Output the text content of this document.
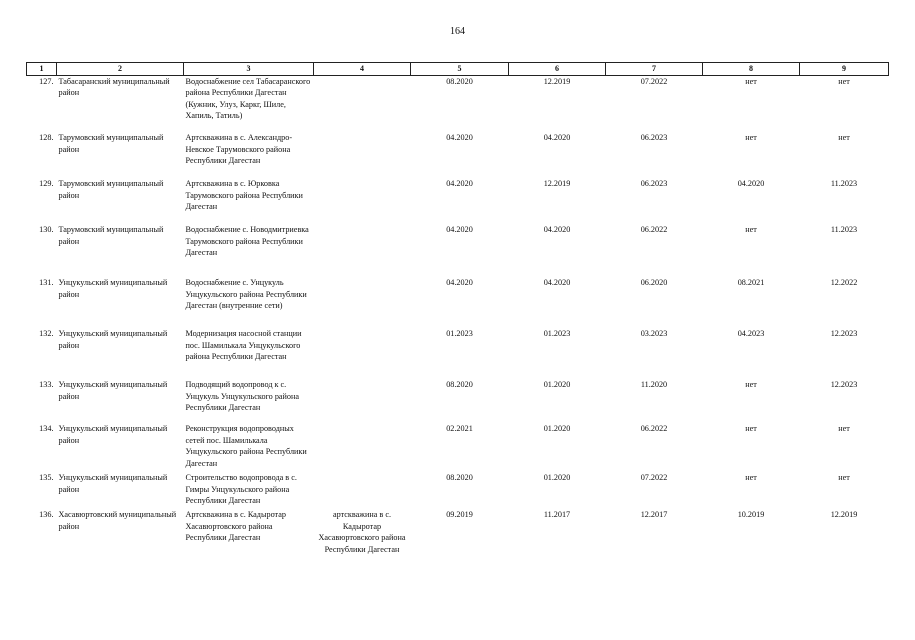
164
1	2	3	4	5	6	7	8	9
127.	Табасаранский муниципальный район	Водоснабжение сел Табасаранского района Республики Дагестан (Кужник, Улуз, Каркг, Шиле, Хапиль, Татиль)		08.2020	12.2019	07.2022	нет	нет
128.	Тарумовский муниципальный район	Артскважина в с. Александро-Невское Тарумовского района Республики Дагестан		04.2020	04.2020	06.2023	нет	нет
129.	Тарумовский муниципальный район	Артскважина в с. Юрковка Тарумовского района Республики Дагестан		04.2020	12.2019	06.2023	04.2020	11.2023
130.	Тарумовский муниципальный район	Водоснабжение с. Новодмитриевка Тарумовского района Республики Дагестан		04.2020	04.2020	06.2022	нет	11.2023
131.	Унцукульский муниципальный район	Водоснабжение с. Унцукуль Унцукульского района Республики Дагестан (внутренние сети)		04.2020	04.2020	06.2020	08.2021	12.2022
132.	Унцукульский муниципальный район	Модернизация насосной станции пос. Шамилькала Унцукульского района Республики Дагестан		01.2023	01.2023	03.2023	04.2023	12.2023
133.	Унцукульский муниципальный район	Подводящий водопровод к с. Унцукуль Унцукульского района Республики Дагестан		08.2020	01.2020	11.2020	нет	12.2023
134.	Унцукульский муниципальный район	Реконструкция водопроводных сетей пос. Шамилькала Унцукульского района Республики Дагестан		02.2021	01.2020	06.2022	нет	нет
135.	Унцукульский муниципальный район	Строительство водопровода в с. Гимры Унцукульского района Республики Дагестан		08.2020	01.2020	07.2022	нет	нет
136.	Хасавюртовский муниципальный район	Артскважина в с. Кадыротар Хасавюртовского района Республики Дагестан	артскважина в с. Кадыротар Хасавюртовского района Республики Дагестан	09.2019	11.2017	12.2017	10.2019	12.2019
